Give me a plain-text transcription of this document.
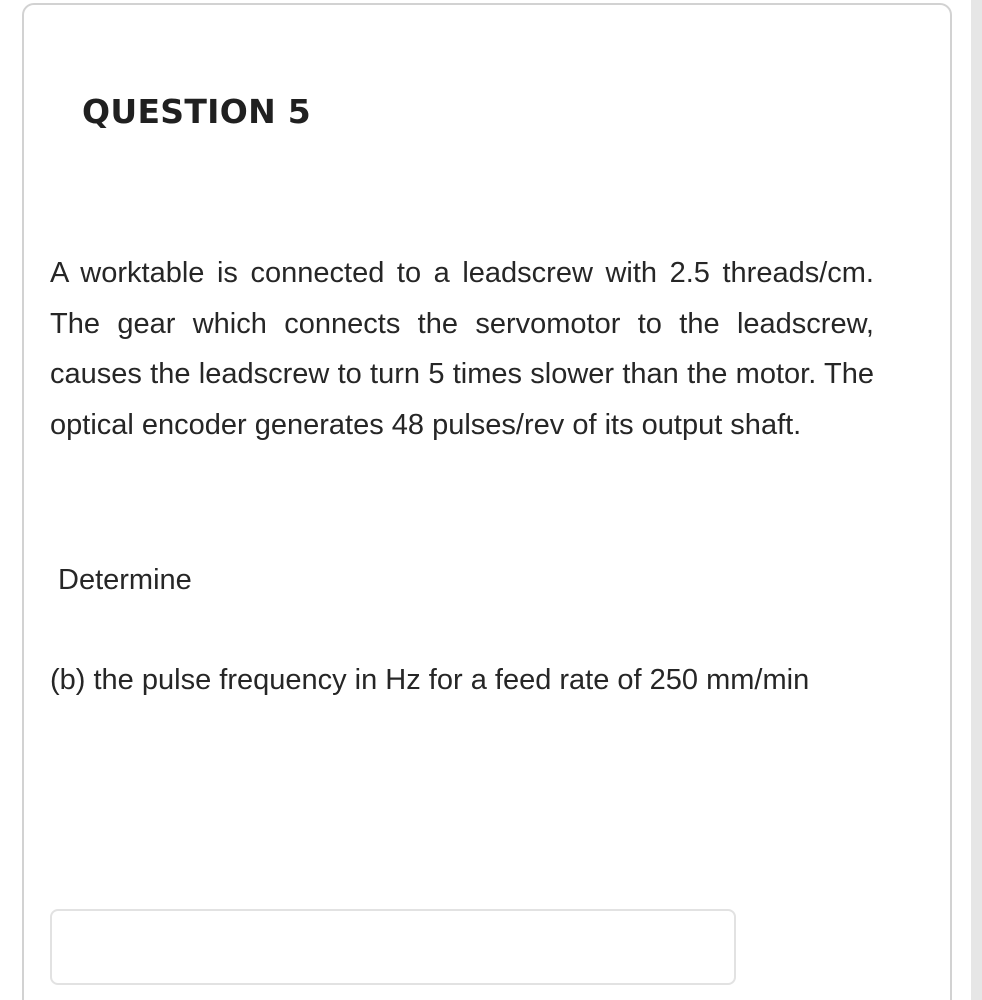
QUESTION 5

A worktable is connected to a leadscrew with 2.5 threads/cm. The gear which connects the servomotor to the leadscrew, causes the leadscrew to turn 5 times slower than the motor. The optical encoder generates 48 pulses/rev of its output shaft.

Determine

(b) the pulse frequency in Hz for a feed rate of 250 mm/min
